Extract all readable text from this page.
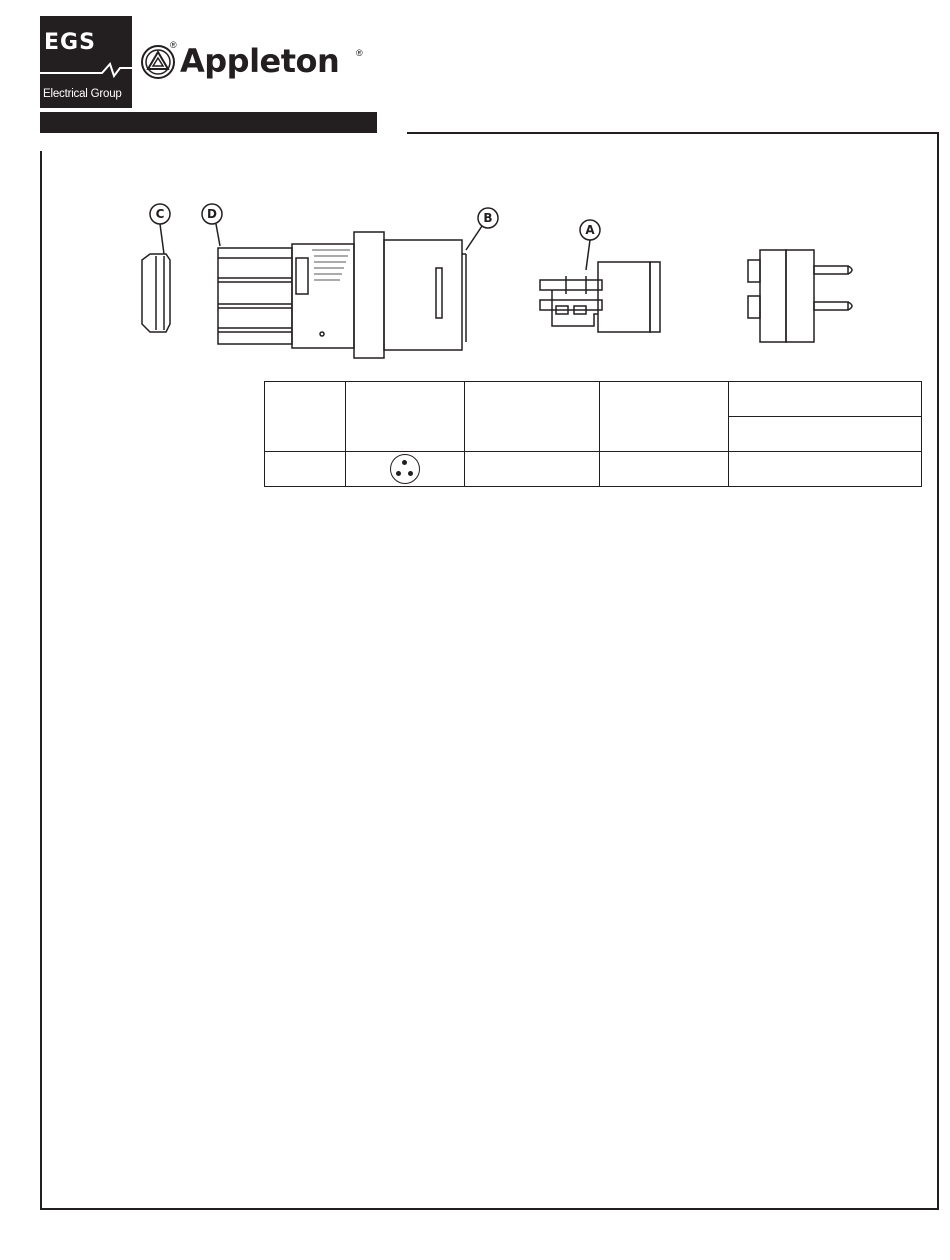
EGS
Electrical Group
Appleton
®
®
C	D	B
A
